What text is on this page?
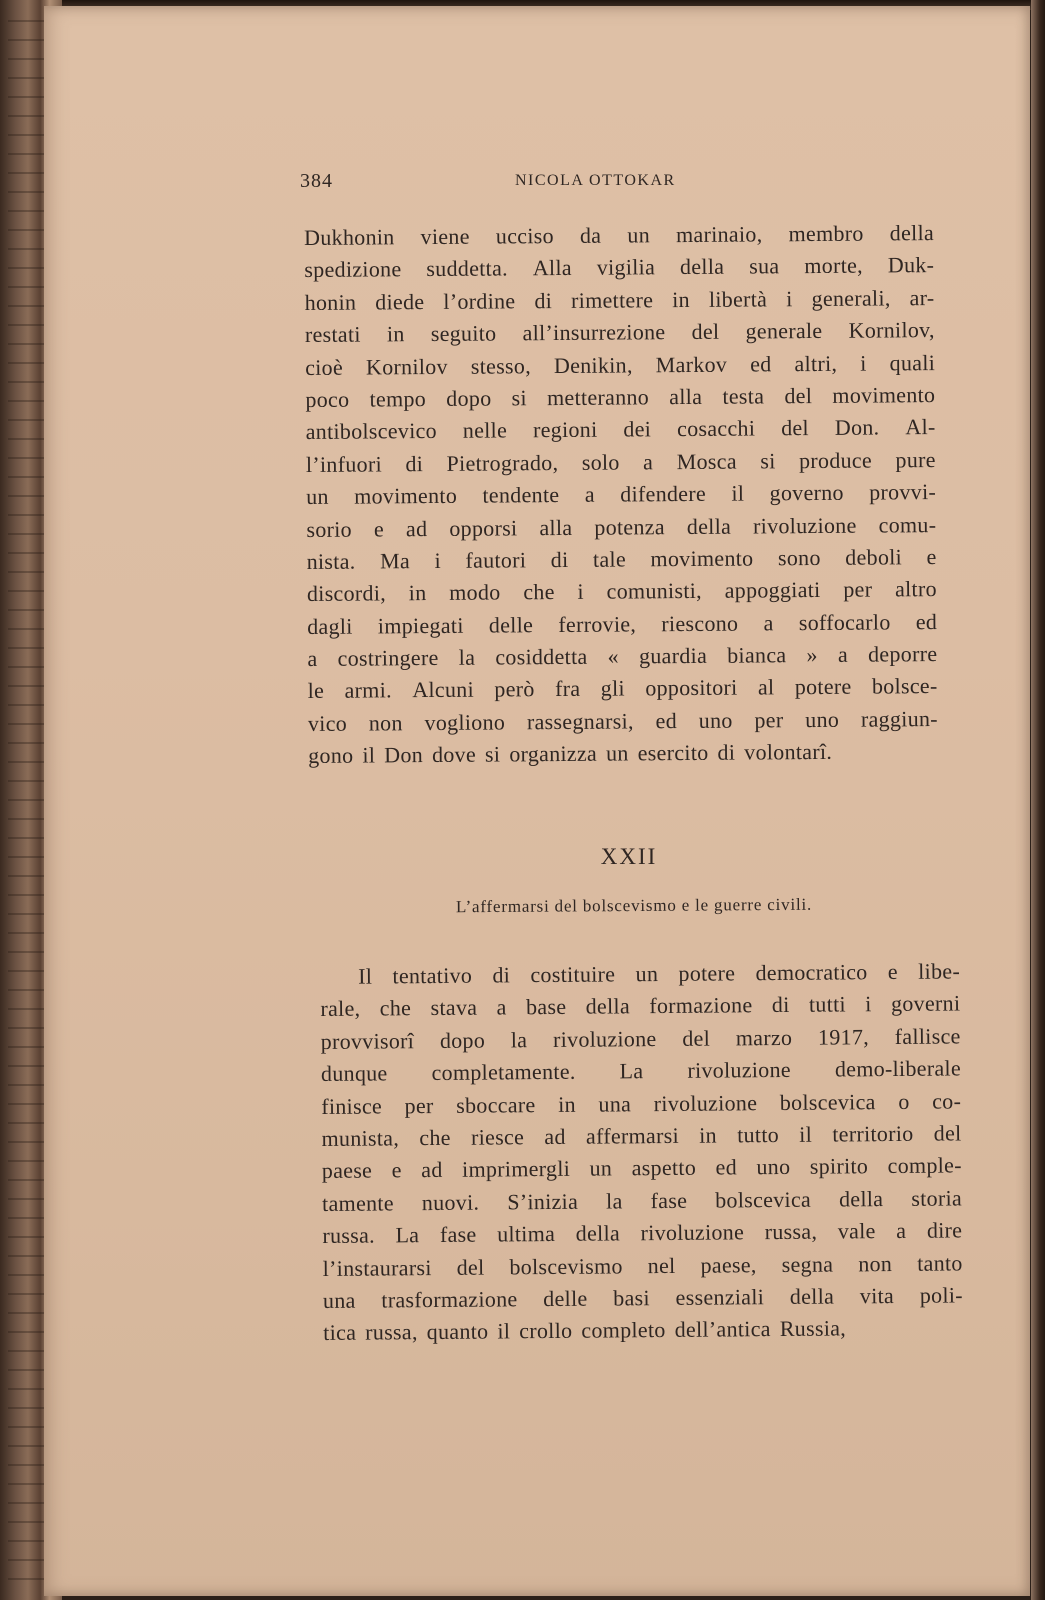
384	NICOLA OTTOKAR
Dukhonin viene ucciso da un marinaio, membro della
spedizione suddetta. Alla vigilia della sua morte, Duk-
honin diede l’ordine di rimettere in libertà i generali, ar-
restati in seguito all’insurrezione del generale Kornilov,
cioè Kornilov stesso, Denikin, Markov ed altri, i quali
poco tempo dopo si metteranno alla testa del movimento
antibolscevico nelle regioni dei cosacchi del Don. Al-
l’infuori di Pietrogrado, solo a Mosca si produce pure
un movimento tendente a difendere il governo provvi-
sorio e ad opporsi alla potenza della rivoluzione comu-
nista. Ma i fautori di tale movimento sono deboli e
discordi, in modo che i comunisti, appoggiati per altro
dagli impiegati delle ferrovie, riescono a soffocarlo ed
a costringere la cosiddetta « guardia bianca » a deporre
le armi. Alcuni però fra gli oppositori al potere bolsce-
vico non vogliono rassegnarsi, ed uno per uno raggiun-
gono il Don dove si organizza un esercito di volontarî.
XXII
L’affermarsi del bolscevismo e le guerre civili.
Il tentativo di costituire un potere democratico e libe-
rale, che stava a base della formazione di tutti i governi
provvisorî dopo la rivoluzione del marzo 1917, fallisce
dunque completamente. La rivoluzione demo-liberale
finisce per sboccare in una rivoluzione bolscevica o co-
munista, che riesce ad affermarsi in tutto il territorio del
paese e ad imprimergli un aspetto ed uno spirito comple-
tamente nuovi. S’inizia la fase bolscevica della storia
russa. La fase ultima della rivoluzione russa, vale a dire
l’instaurarsi del bolscevismo nel paese, segna non tanto
una trasformazione delle basi essenziali della vita poli-
tica russa, quanto il crollo completo dell’antica Russia,
